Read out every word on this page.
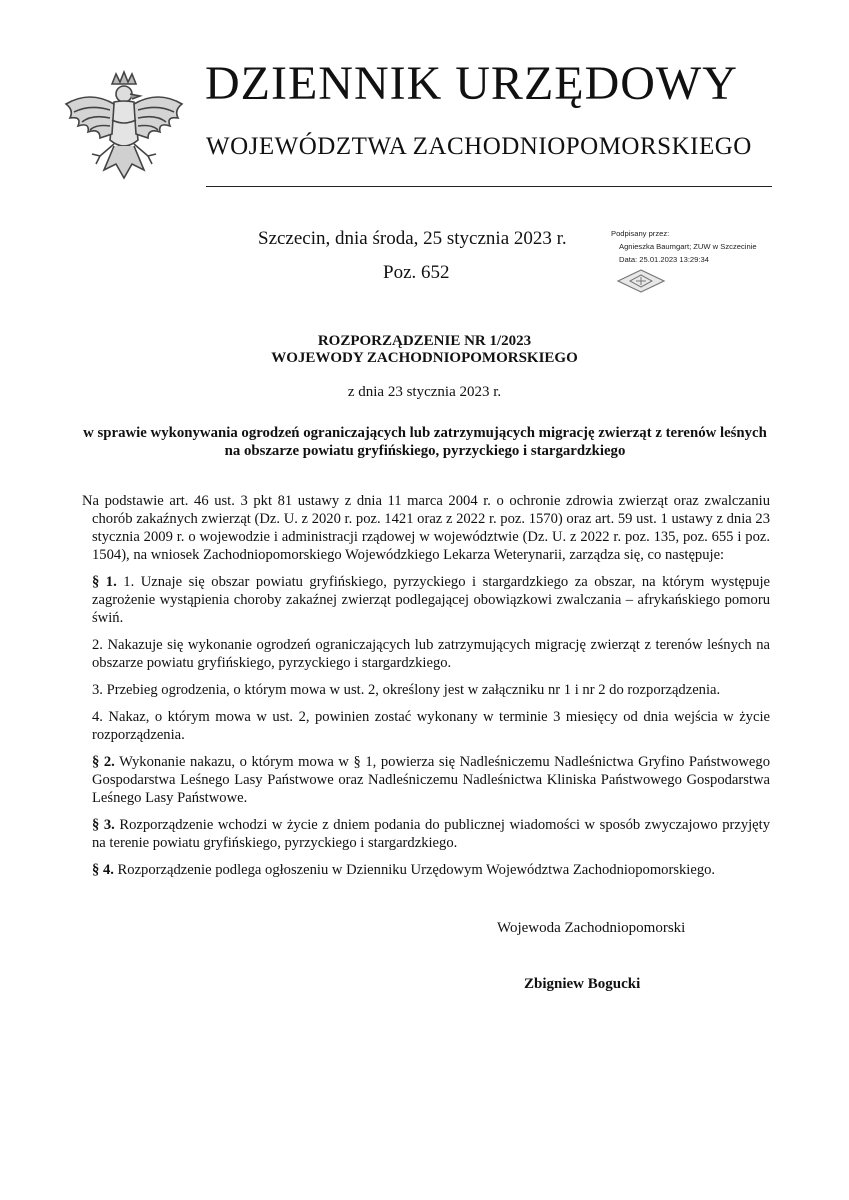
DZIENNIK URZĘDOWY
WOJEWÓDZTWA ZACHODNIOPOMORSKIEGO
Szczecin, dnia środa, 25 stycznia 2023 r.
Poz. 652
Podpisany przez:
Agnieszka Baumgart; ZUW w Szczecinie
Data: 25.01.2023 13:29:34
ROZPORZĄDZENIE NR 1/2023
WOJEWODY ZACHODNIOPOMORSKIEGO
z dnia 23 stycznia 2023 r.
w sprawie wykonywania ogrodzeń ograniczających lub zatrzymujących migrację zwierząt z terenów leśnych na obszarze powiatu gryfińskiego, pyrzyckiego i stargardzkiego

Na podstawie art. 46 ust. 3 pkt 81 ustawy z dnia 11 marca 2004 r. o ochronie zdrowia zwierząt oraz zwalczaniu chorób zakaźnych zwierząt (Dz. U. z 2020 r. poz. 1421 oraz z 2022 r. poz. 1570) oraz art. 59 ust. 1 ustawy z dnia 23 stycznia 2009 r. o wojewodzie i administracji rządowej w województwie (Dz. U. z 2022 r. poz. 135, poz. 655 i poz. 1504), na wniosek Zachodniopomorskiego Wojewódzkiego Lekarza Weterynarii, zarządza się, co następuje:

§ 1. 1. Uznaje się obszar powiatu gryfińskiego, pyrzyckiego i stargardzkiego za obszar, na którym występuje zagrożenie wystąpienia choroby zakaźnej zwierząt podlegającej obowiązkowi zwalczania – afrykańskiego pomoru świń.

2. Nakazuje się wykonanie ogrodzeń ograniczających lub zatrzymujących migrację zwierząt z terenów leśnych na obszarze powiatu gryfińskiego, pyrzyckiego i stargardzkiego.

3. Przebieg ogrodzenia, o którym mowa w ust. 2, określony jest w załączniku nr 1 i nr 2 do rozporządzenia.

4. Nakaz, o którym mowa w ust. 2, powinien zostać wykonany w terminie 3 miesięcy od dnia wejścia w życie rozporządzenia.

§ 2. Wykonanie nakazu, o którym mowa w § 1, powierza się Nadleśniczemu Nadleśnictwa Gryfino Państwowego Gospodarstwa Leśnego Lasy Państwowe oraz Nadleśniczemu Nadleśnictwa Kliniska Państwowego Gospodarstwa Leśnego Lasy Państwowe.

§ 3. Rozporządzenie wchodzi w życie z dniem podania do publicznej wiadomości w sposób zwyczajowo przyjęty na terenie powiatu gryfińskiego, pyrzyckiego i stargardzkiego.

§ 4. Rozporządzenie podlega ogłoszeniu w Dzienniku Urzędowym Województwa Zachodniopomorskiego.

Wojewoda Zachodniopomorski
Zbigniew Bogucki
